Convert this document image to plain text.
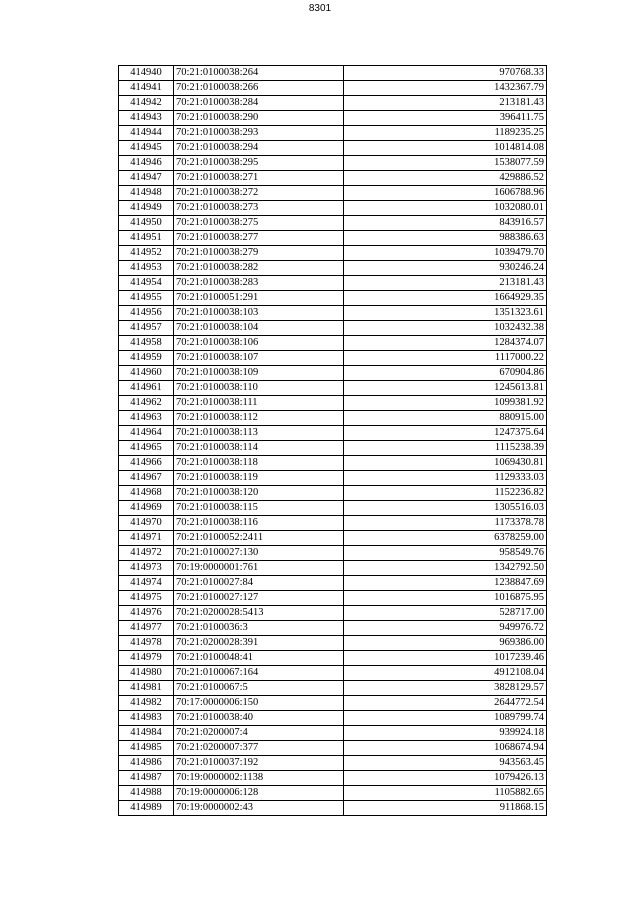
8301
414940	70:21:0100038:264	970768.33
414941	70:21:0100038:266	1432367.79
414942	70:21:0100038:284	213181.43
414943	70:21:0100038:290	396411.75
414944	70:21:0100038:293	1189235.25
414945	70:21:0100038:294	1014814.08
414946	70:21:0100038:295	1538077.59
414947	70:21:0100038:271	429886.52
414948	70:21:0100038:272	1606788.96
414949	70:21:0100038:273	1032080.01
414950	70:21:0100038:275	843916.57
414951	70:21:0100038:277	988386.63
414952	70:21:0100038:279	1039479.70
414953	70:21:0100038:282	930246.24
414954	70:21:0100038:283	213181.43
414955	70:21:0100051:291	1664929.35
414956	70:21:0100038:103	1351323.61
414957	70:21:0100038:104	1032432.38
414958	70:21:0100038:106	1284374.07
414959	70:21:0100038:107	1117000.22
414960	70:21:0100038:109	670904.86
414961	70:21:0100038:110	1245613.81
414962	70:21:0100038:111	1099381.92
414963	70:21:0100038:112	880915.00
414964	70:21:0100038:113	1247375.64
414965	70:21:0100038:114	1115238.39
414966	70:21:0100038:118	1069430.81
414967	70:21:0100038:119	1129333.03
414968	70:21:0100038:120	1152236.82
414969	70:21:0100038:115	1305516.03
414970	70:21:0100038:116	1173378.78
414971	70:21:0100052:2411	6378259.00
414972	70:21:0100027:130	958549.76
414973	70:19:0000001:761	1342792.50
414974	70:21:0100027:84	1238847.69
414975	70:21:0100027:127	1016875.95
414976	70:21:0200028:5413	528717.00
414977	70:21:0100036:3	949976.72
414978	70:21:0200028:391	969386.00
414979	70:21:0100048:41	1017239.46
414980	70:21:0100067:164	4912108.04
414981	70:21:0100067:5	3828129.57
414982	70:17:0000006:150	2644772.54
414983	70:21:0100038:40	1089799.74
414984	70:21:0200007:4	939924.18
414985	70:21:0200007:377	1068674.94
414986	70:21:0100037:192	943563.45
414987	70:19:0000002:1138	1079426.13
414988	70:19:0000006:128	1105882.65
414989	70:19:0000002:43	911868.15
